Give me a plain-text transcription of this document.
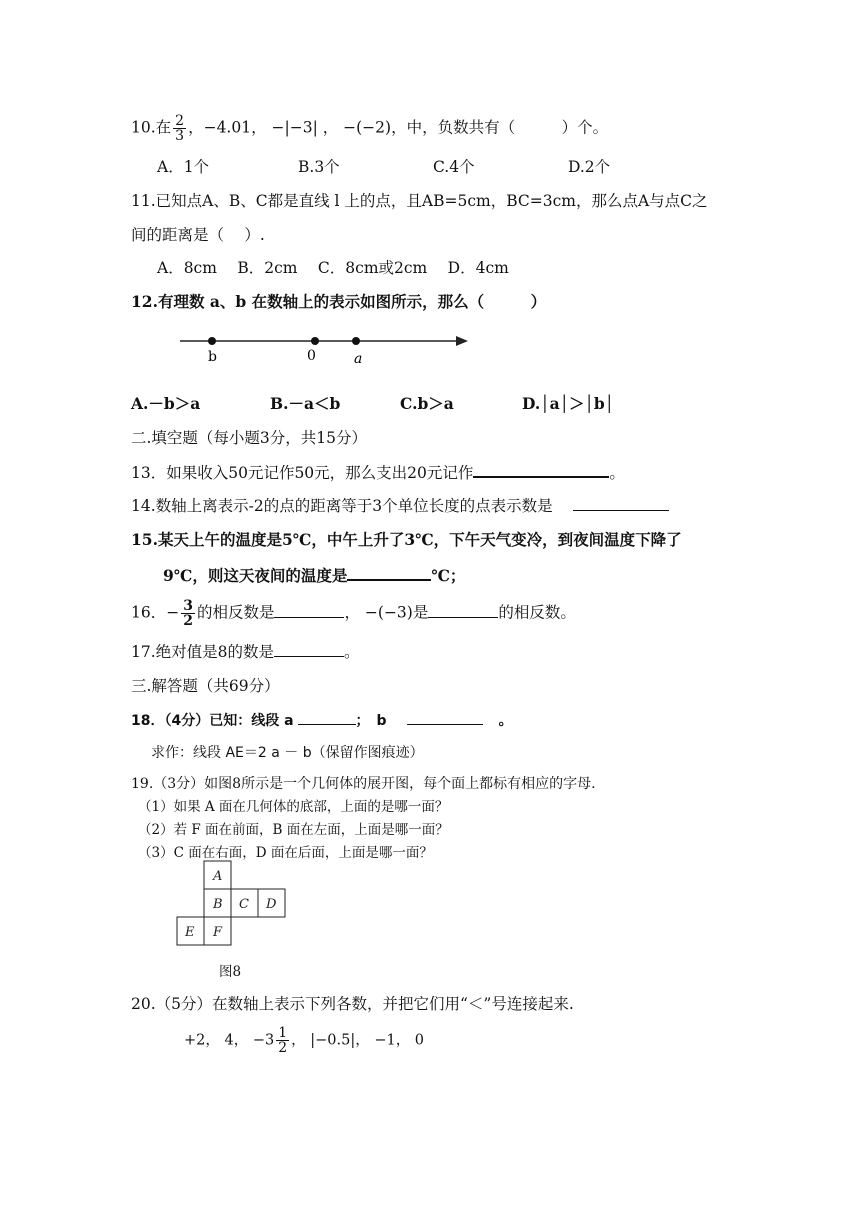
10.在 $\frac{2}{3}$ ，−4.01， −|−3| ， −(−2)，中，负数共有（　　　）个。
A．1个	B.3个	C.4个	D.2个
11.已知点A、B、C都是直线 l 上的点，且AB=5cm，BC=3cm，那么点A与点C之
间的距离是（　 ）.
A．8cm　 B．2cm　 C．8cm或2cm　 D．4cm
12.有理数 a、b 在数轴上的表示如图所示，那么（　　　）
b	0	a
A.－b＞a	B.－a＜b	C.b＞a	D.│a│＞│b│
二.填空题（每小题3分，共15分）
13．如果收入50元记作50元，那么支出20元记作	。
14.数轴上离表示-2的点的距离等于3个单位长度的点表示数是
15.某天上午的温度是5℃，中午上升了3℃，下午天气变冷，到夜间温度下降了
9℃，则这天夜间的温度是	℃；
16．− $\frac{3}{2}$ 的相反数是	， −(−3)是	的相反数。
17.绝对值是8的数是	。
三.解答题（共69分）
18．（4分）已知：线段 a	；　b	。
求作：线段 AE＝2 a － b（保留作图痕迹）
19.（3分）如图8所示是一个几何体的展开图，每个面上都标有相应的字母.
（1）如果 A 面在几何体的底部，上面的是哪一面？
（2）若 F 面在前面，B 面在左面，上面是哪一面？
（3）C 面在右面，D 面在后面，上面是哪一面？
A
B C D
E F
图8
20.（5分）在数轴上表示下列各数，并把它们用“＜”号连接起来.
+2， 4， $-3 \frac{1}{2}$ ， |−0.5|， −1， 0
